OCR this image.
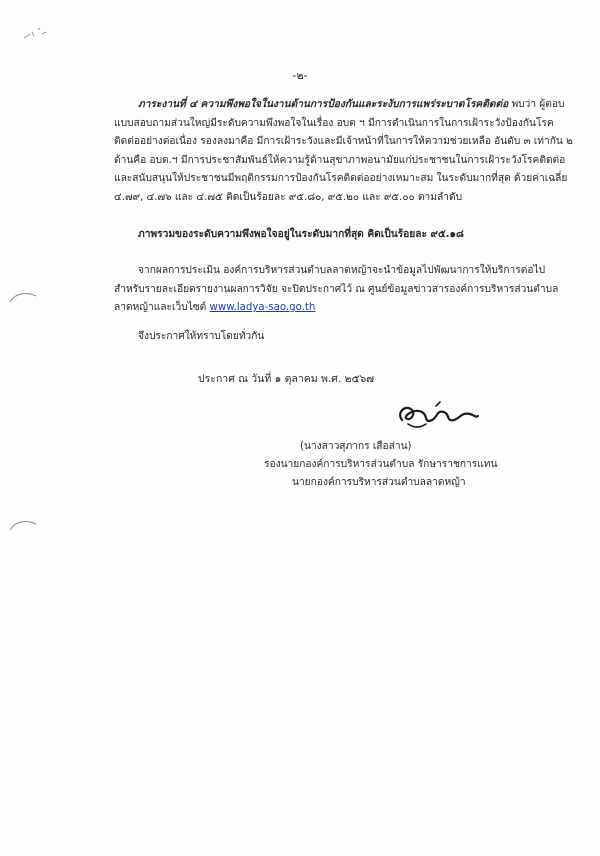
-๒-
ภาระงานที่ ๔ ความพึงพอใจในงานด้านการป้องกันและระงับการแพร่ระบาดโรคติดต่อ พบว่า ผู้ตอบแบบสอบถามส่วนใหญ่มีระดับความพึงพอใจในเรื่อง อบต ฯ มีการดำเนินการในการเฝ้าระวังป้องกันโรคติดต่ออย่างต่อเนื่อง รองลงมาคือ มีการเฝ้าระวังและมีเจ้าหน้าที่ในการให้ความช่วยเหลือ อันดับ ๓ เท่ากัน ๒ ด้านคือ อบต.ฯ มีการประชาสัมพันธ์ให้ความรู้ด้านสุขาภาพอนามัยแก่ประชาชนในการเฝ้าระวังโรคติดต่อและสนับสนุนให้ประชาชนมีพฤติกรรมการป้องกันโรคติดต่ออย่างเหมาะสม ในระดับมากที่สุด ด้วยค่าเฉลี่ย ๔.๗๙, ๔.๗๖ และ ๔.๗๕ คิดเป็นร้อยละ ๙๕.๘๐, ๙๕.๒๐ และ ๙๕.๐๐ ตามลำดับ
ภาพรวมของระดับความพึงพอใจอยู่ในระดับมากที่สุด คิดเป็นร้อยละ ๙๕.๑๘
จากผลการประเมิน องค์การบริหารส่วนตำบลลาดหญ้าจะนำข้อมูลไปพัฒนาการให้บริการต่อไป สำหรับรายละเอียดรายงานผลการวิจัย จะปิดประกาศไว้ ณ ศูนย์ข้อมูลข่าวสารองค์การบริหารส่วนตำบลลาดหญ้าและเว็บไซต์ www.ladya-sao.go.th
จึงประกาศให้ทราบโดยทั่วกัน
ประกาศ ณ วันที่ ๑ ตุลาคม พ.ศ. ๒๕๖๗
(นางสาวสุภากร เสือส่าน)
รองนายกองค์การบริหารส่วนตำบล รักษาราชการแทน
นายกองค์การบริหารส่วนตำบลลาดหญ้า
